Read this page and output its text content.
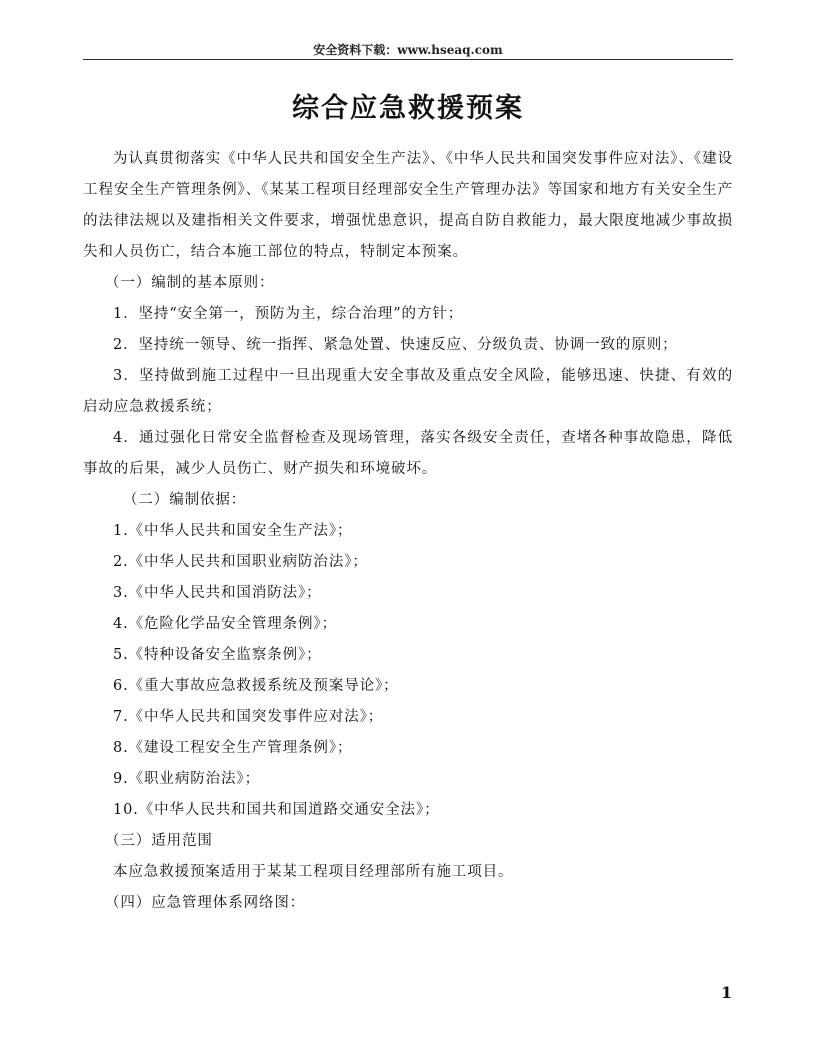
安全资料下载：www.hseaq.com
综合应急救援预案

为认真贯彻落实《中华人民共和国安全生产法》、《中华人民共和国突发事件应对法》、《建设工程安全生产管理条例》、《某某工程项目经理部安全生产管理办法》等国家和地方有关安全生产的法律法规以及建指相关文件要求，增强忧患意识，提高自防自救能力，最大限度地减少事故损失和人员伤亡，结合本施工部位的特点，特制定本预案。

（一）编制的基本原则：

1．坚持“安全第一，预防为主，综合治理”的方针；

2．坚持统一领导、统一指挥、紧急处置、快速反应、分级负责、协调一致的原则；

3．坚持做到施工过程中一旦出现重大安全事故及重点安全风险，能够迅速、快捷、有效的启动应急救援系统；

4．通过强化日常安全监督检查及现场管理，落实各级安全责任，查堵各种事故隐患，降低事故的后果，减少人员伤亡、财产损失和环境破坏。

（二）编制依据：

1.《中华人民共和国安全生产法》；

2.《中华人民共和国职业病防治法》；

3.《中华人民共和国消防法》；

4.《危险化学品安全管理条例》；

5.《特种设备安全监察条例》；

6.《重大事故应急救援系统及预案导论》；

7.《中华人民共和国突发事件应对法》；

8.《建设工程安全生产管理条例》；

9.《职业病防治法》；

10.《中华人民共和国共和国道路交通安全法》；

（三）适用范围

本应急救援预案适用于某某工程项目经理部所有施工项目。

（四）应急管理体系网络图：

1
